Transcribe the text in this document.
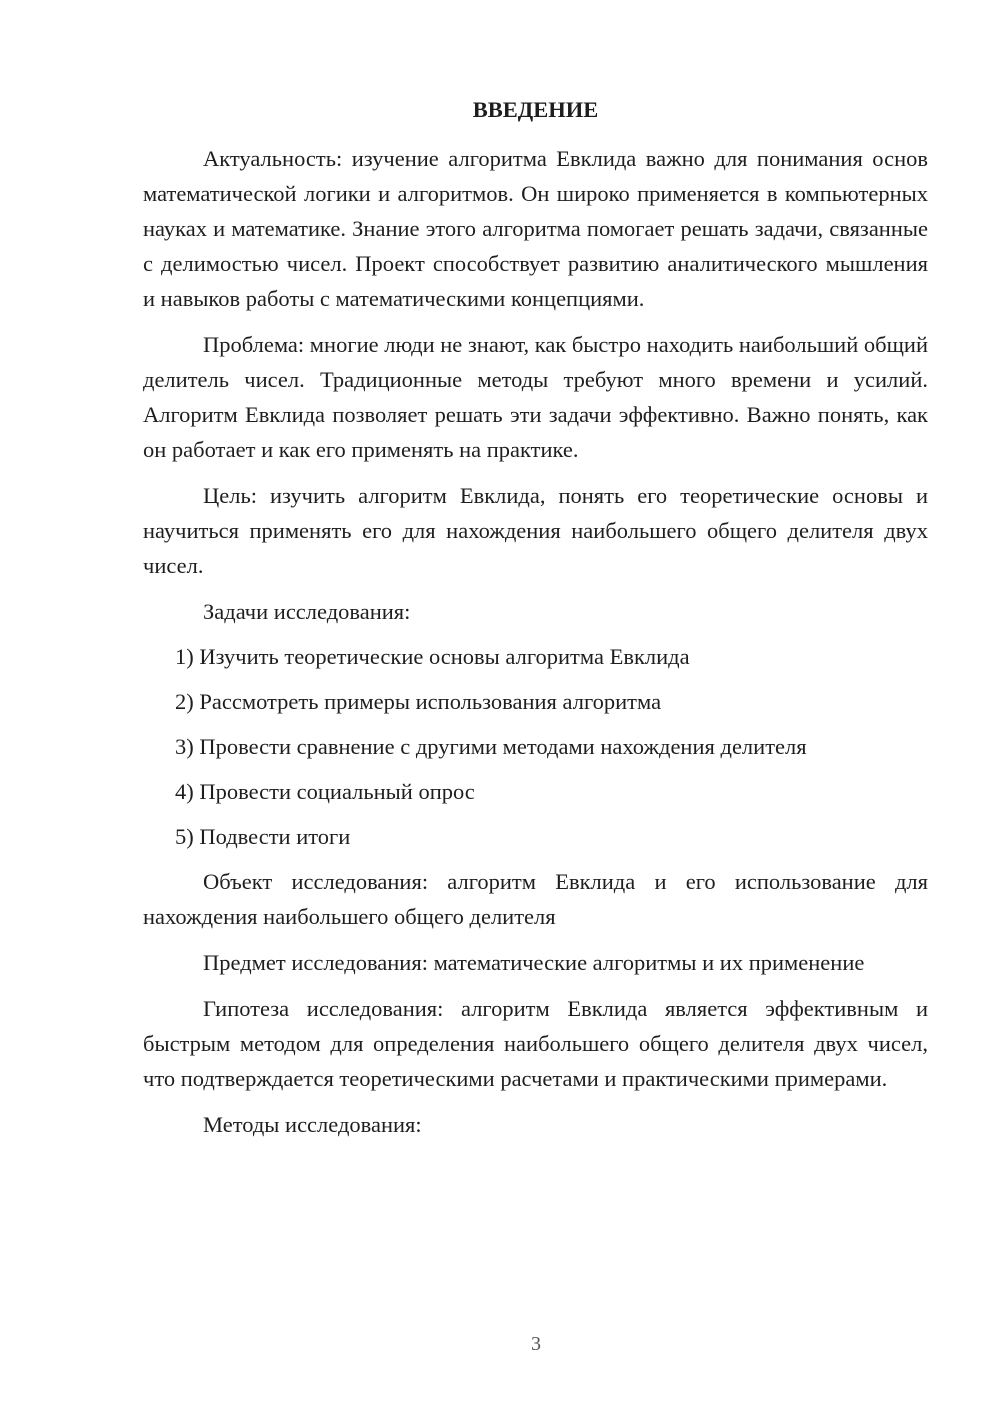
ВВЕДЕНИЕ

Актуальность: изучение алгоритма Евклида важно для понимания основ математической логики и алгоритмов. Он широко применяется в компьютерных науках и математике. Знание этого алгоритма помогает решать задачи, связанные с делимостью чисел. Проект способствует развитию аналитического мышления и навыков работы с математическими концепциями.

Проблема: многие люди не знают, как быстро находить наибольший общий делитель чисел. Традиционные методы требуют много времени и усилий. Алгоритм Евклида позволяет решать эти задачи эффективно. Важно понять, как он работает и как его применять на практике.

Цель: изучить алгоритм Евклида, понять его теоретические основы и научиться применять его для нахождения наибольшего общего делителя двух чисел.

Задачи исследования:

1) Изучить теоретические основы алгоритма Евклида

2) Рассмотреть примеры использования алгоритма

3) Провести сравнение с другими методами нахождения делителя

4) Провести социальный опрос

5) Подвести итоги

Объект исследования: алгоритм Евклида и его использование для нахождения наибольшего общего делителя

Предмет исследования: математические алгоритмы и их применение

Гипотеза исследования: алгоритм Евклида является эффективным и быстрым методом для определения наибольшего общего делителя двух чисел, что подтверждается теоретическими расчетами и практическими примерами.

Методы исследования:

3
